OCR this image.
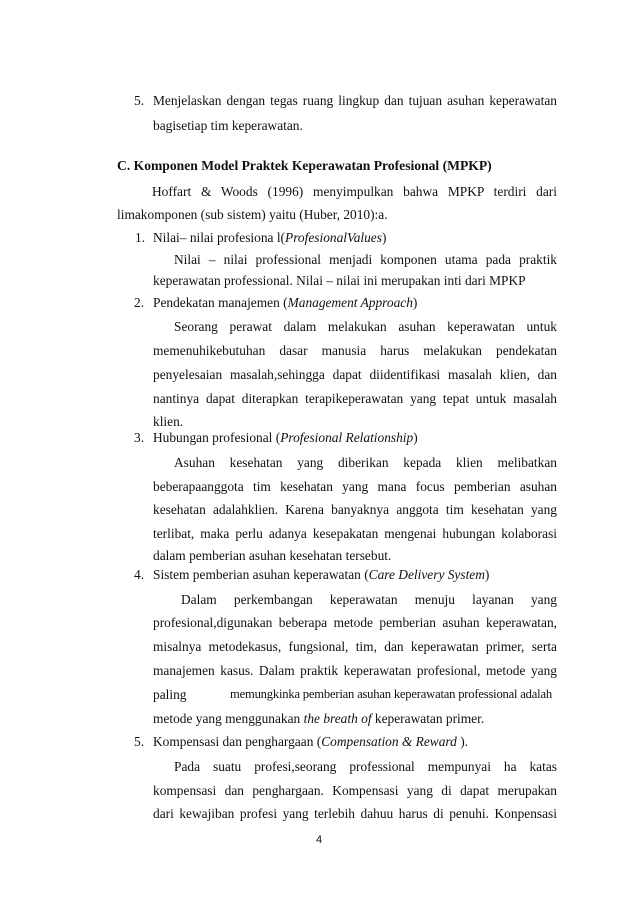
5. Menjelaskan dengan tegas ruang lingkup dan tujuan asuhan keperawatan
bagisetiap tim keperawatan.
C. Komponen Model Praktek Keperawatan Profesional (MPKP)
Hoffart & Woods (1996) menyimpulkan bahwa MPKP terdiri dari
limakomponen (sub sistem) yaitu (Huber, 2010):a.
1. Nilai– nilai profesiona l(ProfesionalValues)
Nilai – nilai professional menjadi komponen utama pada praktik
keperawatan professional. Nilai – nilai ini merupakan inti dari MPKP
2. Pendekatan manajemen (Management Approach)
Seorang perawat dalam melakukan asuhan keperawatan untuk
memenuhikebutuhan dasar manusia harus melakukan pendekatan
penyelesaian masalah,sehingga dapat diidentifikasi masalah klien, dan
nantinya dapat diterapkan terapikeperawatan yang tepat untuk masalah
klien.
3. Hubungan profesional (Profesional Relationship)
Asuhan kesehatan yang diberikan kepada klien melibatkan
beberapaanggota tim kesehatan yang mana focus pemberian asuhan
kesehatan adalahklien. Karena banyaknya anggota tim kesehatan yang
terlibat, maka perlu adanya kesepakatan mengenai hubungan kolaborasi
dalam pemberian asuhan kesehatan tersebut.
4. Sistem pemberian asuhan keperawatan (Care Delivery System)
Dalam perkembangan keperawatan menuju layanan yang
profesional,digunakan beberapa metode pemberian asuhan keperawatan,
misalnya metodekasus, fungsional, tim, dan keperawatan primer, serta
manajemen kasus. Dalam praktik keperawatan profesional, metode yang
paling	memungkinka pemberian asuhan keperawatan professional adalah
metode yang menggunakan the breath of keperawatan primer.
5. Kompensasi dan penghargaan (Compensation & Reward ).
Pada suatu profesi,seorang professional mempunyai ha katas
kompensasi dan penghargaan. Kompensasi yang di dapat merupakan
dari kewajiban profesi yang terlebih dahuu harus di penuhi. Konpensasi
4
